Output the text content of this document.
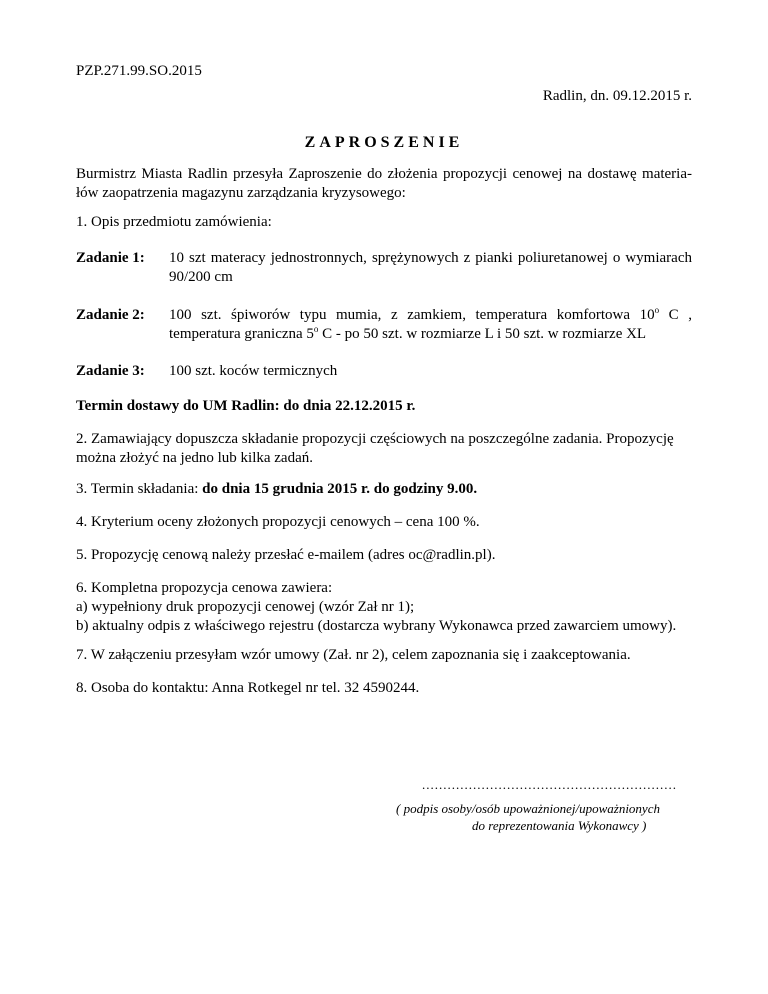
PZP.271.99.SO.2015
Radlin, dn. 09.12.2015 r.
ZAPROSZENIE
Burmistrz Miasta Radlin przesyła Zaproszenie do złożenia propozycji cenowej na dostawę materia-łów zaopatrzenia magazynu zarządzania kryzysowego:
1. Opis przedmiotu zamówienia:
Zadanie 1: 10 szt materacy jednostronnych, sprężynowych z pianki poliuretanowej o wymiarach 90/200 cm
Zadanie 2: 100 szt. śpiworów typu mumia, z zamkiem, temperatura komfortowa 10$^o$ C , temperatura graniczna 5$^o$ C - po 50 szt. w rozmiarze L i 50 szt. w rozmiarze XL
Zadanie 3: 100 szt. koców termicznych
Termin dostawy do UM Radlin: do dnia 22.12.2015 r.
2. Zamawiający dopuszcza składanie propozycji częściowych na poszczególne zadania. Propozycję można złożyć na jedno lub kilka zadań.
3. Termin składania: do dnia 15 grudnia 2015 r. do godziny 9.00.
4. Kryterium oceny złożonych propozycji cenowych – cena 100 %.
5. Propozycję cenową należy przesłać e-mailem (adres oc@radlin.pl).
6. Kompletna propozycja cenowa zawiera:
a) wypełniony druk propozycji cenowej (wzór Zał nr 1);
b) aktualny odpis z właściwego rejestru (dostarcza wybrany Wykonawca przed zawarciem umowy).
7. W załączeniu przesyłam wzór umowy (Zał. nr 2), celem zapoznania się i zaakceptowania.
8. Osoba do kontaktu: Anna Rotkegel nr tel. 32 4590244.
............................................................
( podpis osoby/osób upoważnionej/upoważnionych
do reprezentowania Wykonawcy )
